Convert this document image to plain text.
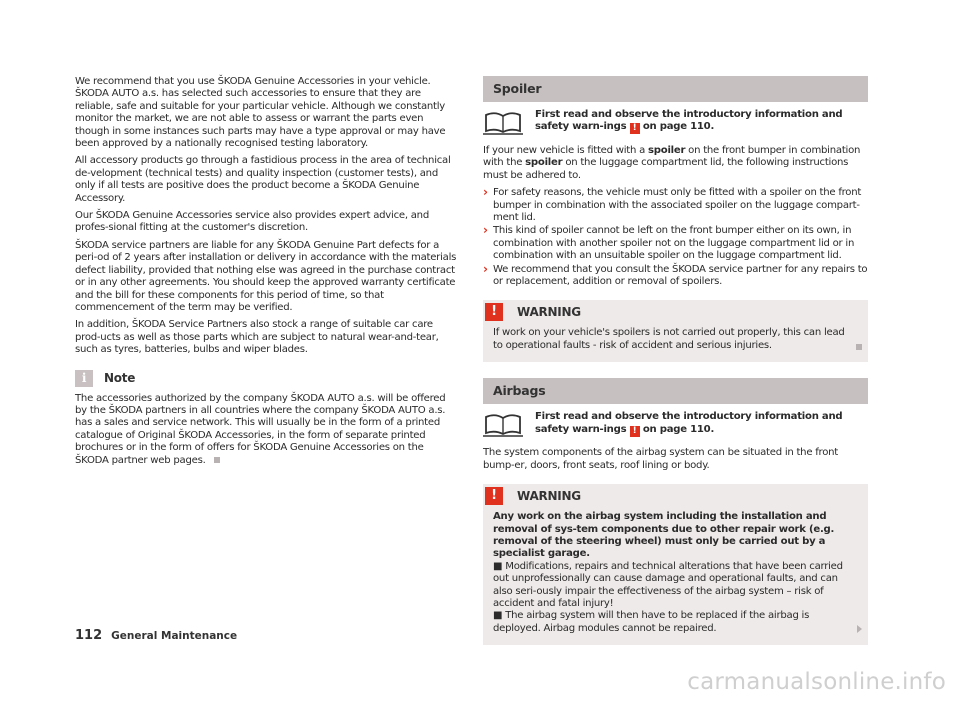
We recommend that you use ŠKODA Genuine Accessories in your vehicle. ŠKODA AUTO a.s. has selected such accessories to ensure that they are reliable, safe and suitable for your particular vehicle. Although we constantly monitor the market, we are not able to assess or warrant the parts even though in some instances such parts may have a type approval or may have been approved by a nationally recognised testing laboratory.

All accessory products go through a fastidious process in the area of technical de-velopment (technical tests) and quality inspection (customer tests), and only if all tests are positive does the product become a ŠKODA Genuine Accessory.

Our ŠKODA Genuine Accessories service also provides expert advice, and profes-sional fitting at the customer's discretion.

ŠKODA service partners are liable for any ŠKODA Genuine Part defects for a peri-od of 2 years after installation or delivery in accordance with the materials defect liability, provided that nothing else was agreed in the purchase contract or in any other agreements. You should keep the approved warranty certificate and the bill for these components for this period of time, so that commencement of the term may be verified.

In addition, ŠKODA Service Partners also stock a range of suitable car care prod-ucts as well as those parts which are subject to natural wear-and-tear, such as tyres, batteries, bulbs and wiper blades.

i	Note

The accessories authorized by the company ŠKODA AUTO a.s. will be offered by the ŠKODA partners in all countries where the company ŠKODA AUTO a.s. has a sales and service network. This will usually be in the form of a printed catalogue of Original ŠKODA Accessories, in the form of separate printed brochures or in the form of offers for ŠKODA Genuine Accessories on the ŠKODA partner web pages.

Spoiler
First read and observe the introductory information and safety warn-ings ! on page 110.

If your new vehicle is fitted with a spoiler on the front bumper in combination with the spoiler on the luggage compartment lid, the following instructions must be adhered to.

› For safety reasons, the vehicle must only be fitted with a spoiler on the front bumper in combination with the associated spoiler on the luggage compart-ment lid.
› This kind of spoiler cannot be left on the front bumper either on its own, in combination with another spoiler not on the luggage compartment lid or in combination with an unsuitable spoiler on the luggage compartment lid.
› We recommend that you consult the ŠKODA service partner for any repairs to or replacement, addition or removal of spoilers.
!	WARNING
If work on your vehicle's spoilers is not carried out properly, this can lead to operational faults - risk of accident and serious injuries.
Airbags
First read and observe the introductory information and safety warn-ings ! on page 110.

The system components of the airbag system can be situated in the front bump-er, doors, front seats, roof lining or body.

!	WARNING
Any work on the airbag system including the installation and removal of sys-tem components due to other repair work (e.g. removal of the steering wheel) must only be carried out by a specialist garage.
■ Modifications, repairs and technical alterations that have been carried out unprofessionally can cause damage and operational faults, and can also seri-ously impair the effectiveness of the airbag system – risk of accident and fatal injury!
■ The airbag system will then have to be replaced if the airbag is deployed. Airbag modules cannot be repaired.
112 General Maintenance
carmanualsonline.info
